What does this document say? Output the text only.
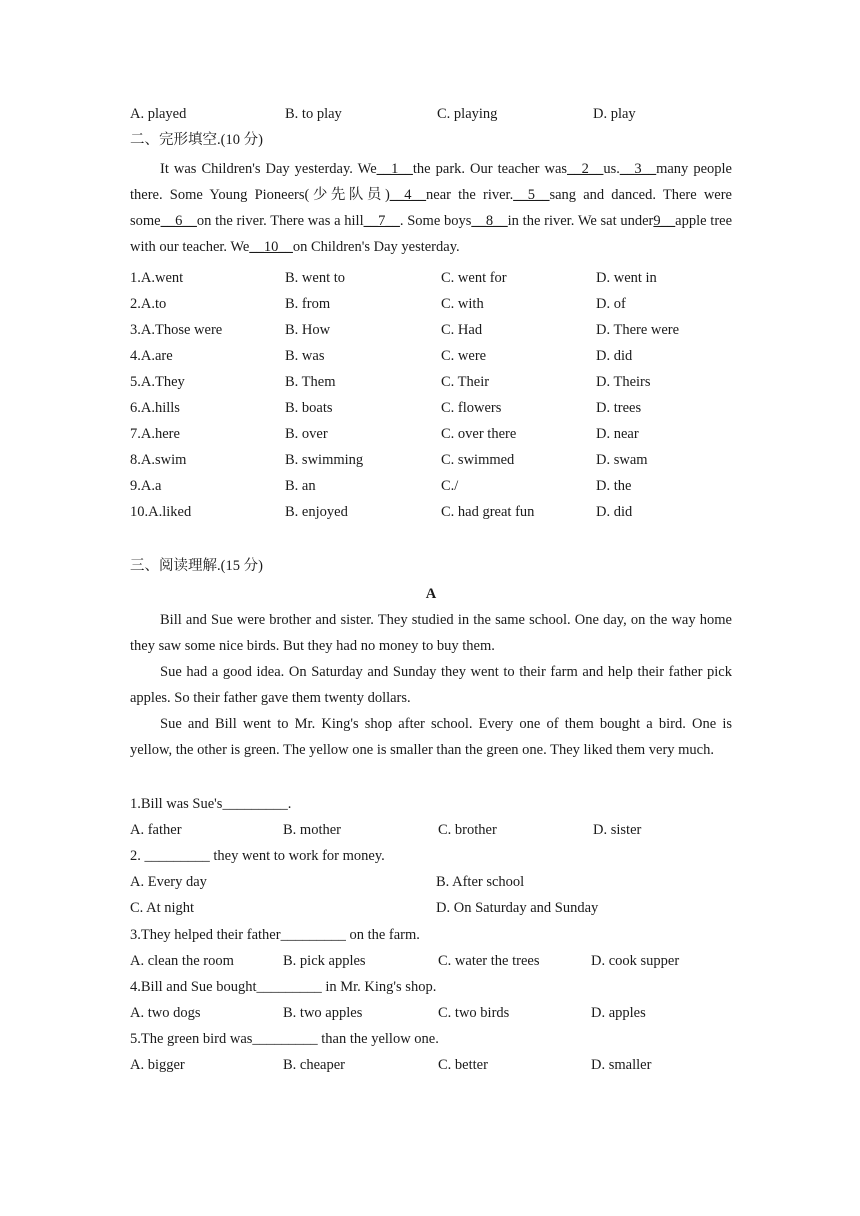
A. played	B. to play	C. playing	D. play
二、完形填空.(10 分)

It was Children's Day yesterday. We__1__the park. Our teacher was__2__us.__3__many people there. Some Young Pioneers(少先队员)__4__near the river.__5__sang and danced. There were some__6__on the river. There was a hill__7__. Some boys__8__in the river. We sat under9__apple tree with our teacher. We__10__on Children's Day yesterday.

1.A.went	B. went to	C. went for	D. went in
2.A.to	B. from	C. with	D. of
3.A.Those were	B. How	C. Had	D. There were
4.A.are	B. was	C. were	D. did
5.A.They	B. Them	C. Their	D. Theirs
6.A.hills	B. boats	C. flowers	D. trees
7.A.here	B. over	C. over there	D. near
8.A.swim	B. swimming	C. swimmed	D. swam
9.A.a	B. an	C./	D. the
10.A.liked	B. enjoyed	C. had great fun	D. did
三、阅读理解.(15 分)
A

Bill and Sue were brother and sister. They studied in the same school. One day, on the way home they saw some nice birds. But they had no money to buy them.

Sue had a good idea. On Saturday and Sunday they went to their farm and help their father pick apples. So their father gave them twenty dollars.

Sue and Bill went to Mr. King's shop after school. Every one of them bought a bird. One is yellow, the other is green. The yellow one is smaller than the green one. They liked them very much.

1.Bill was Sue's_________.
A. father	B. mother	C. brother	D. sister
2. _________ they went to work for money.
A. Every day	B. After school
C. At night	D. On Saturday and Sunday
3.They helped their father_________ on the farm.
A. clean the room	B. pick apples	C. water the trees	D. cook supper
4.Bill and Sue bought_________ in Mr. King's shop.
A. two dogs	B. two apples	C. two birds	D. apples
5.The green bird was_________ than the yellow one.
A. bigger	B. cheaper	C. better	D. smaller
